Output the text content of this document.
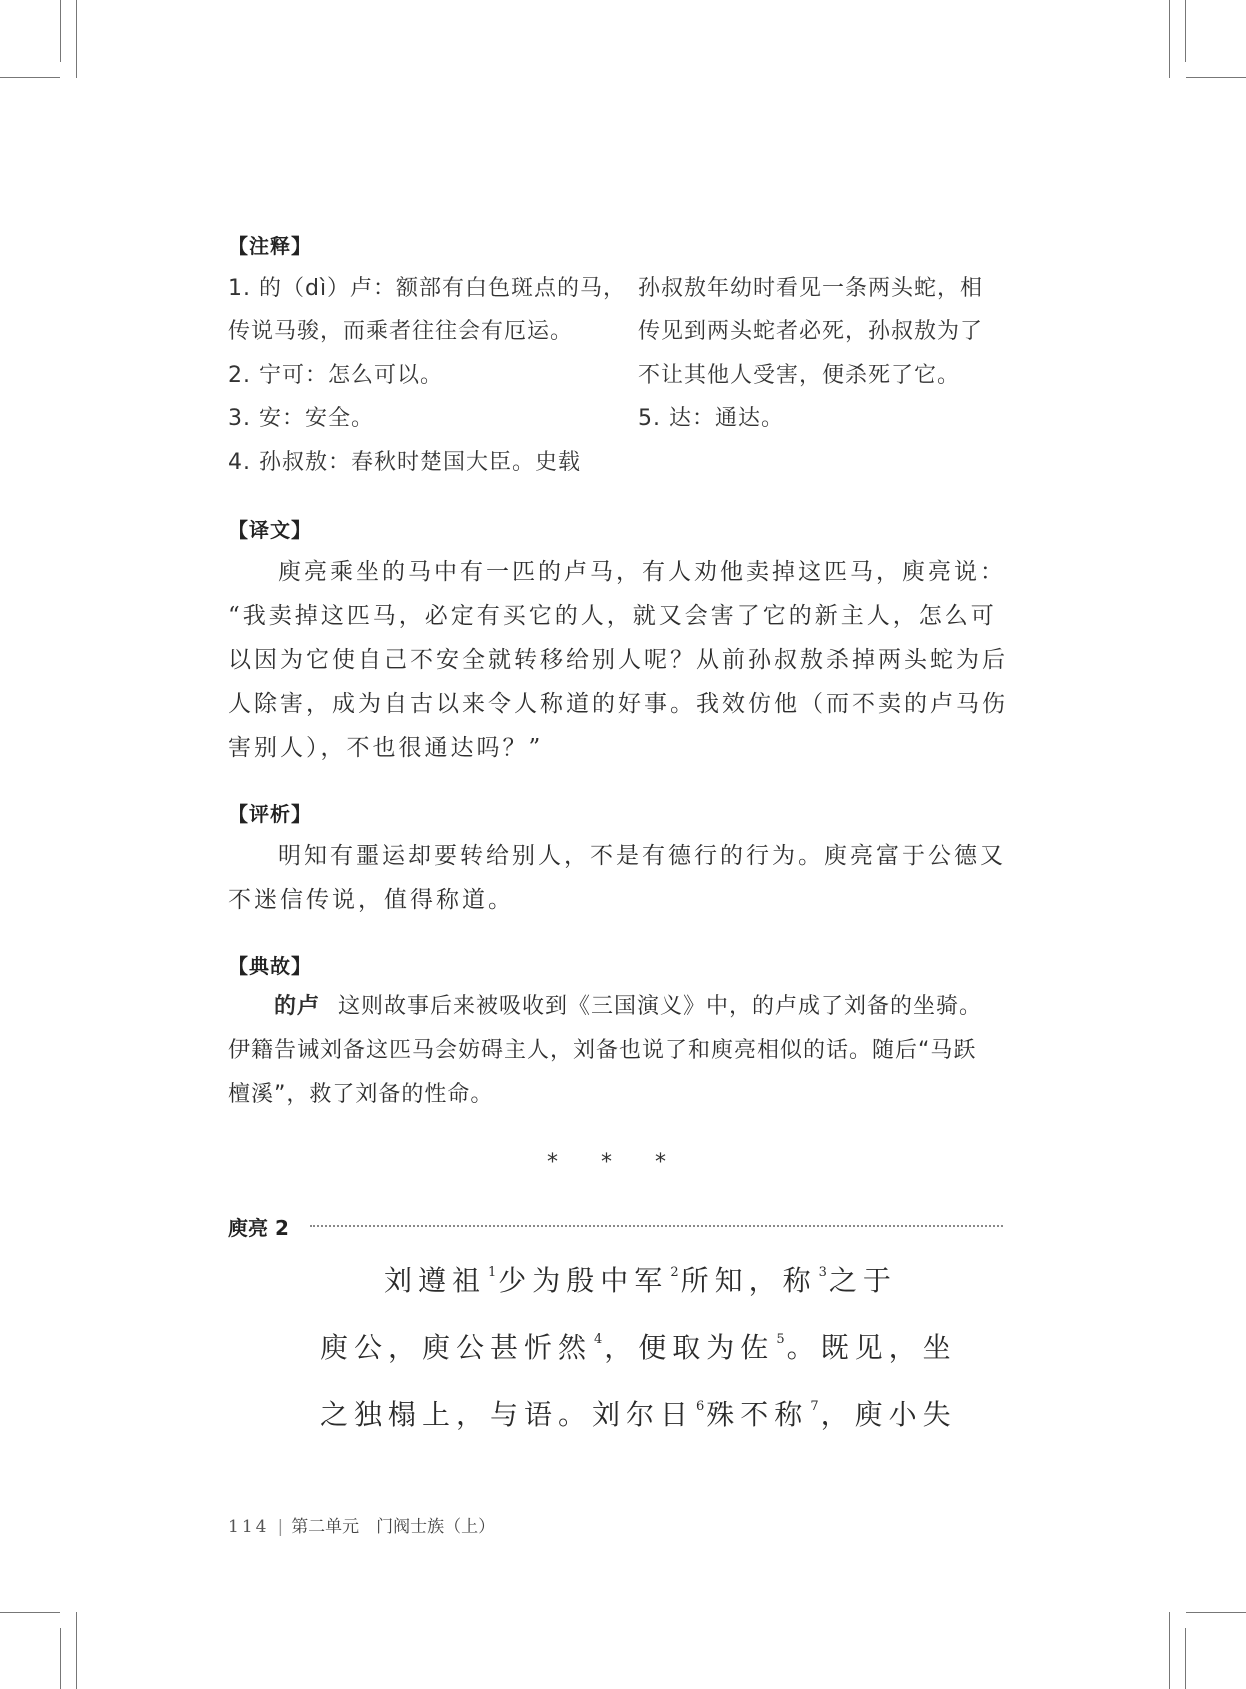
【注释】
1. 的（dì）卢：额部有白色斑点的马，
传说马骏，而乘者往往会有厄运。
2. 宁可：怎么可以。
3. 安：安全。
4. 孙叔敖：春秋时楚国大臣。史载
孙叔敖年幼时看见一条两头蛇，相
传见到两头蛇者必死，孙叔敖为了
不让其他人受害，便杀死了它。
5. 达：通达。
【译文】
庾亮乘坐的马中有一匹的卢马，有人劝他卖掉这匹马，庾亮说：
“我卖掉这匹马，必定有买它的人，就又会害了它的新主人，怎么可
以因为它使自己不安全就转移给别人呢？从前孙叔敖杀掉两头蛇为后
人除害，成为自古以来令人称道的好事。我效仿他（而不卖的卢马伤
害别人），不也很通达吗？”
【评析】
明知有噩运却要转给别人，不是有德行的行为。庾亮富于公德又
不迷信传说，值得称道。
【典故】
的卢 这则故事后来被吸收到《三国演义》中，的卢成了刘备的坐骑。
伊籍告诫刘备这匹马会妨碍主人，刘备也说了和庾亮相似的话。随后“马跃
檀溪”，救了刘备的性命。
* * *
庾亮 2
刘遵祖 $^1$少为殷中军 $^2$所知，称 $^3$之于
庾公，庾公甚忻然 $^4$，便取为佐 $^5$。既见，坐
之独榻上，与语。刘尔日 $^6$殊不称 $^7$，庾小失
114 | 第二单元　门阀士族（上）
